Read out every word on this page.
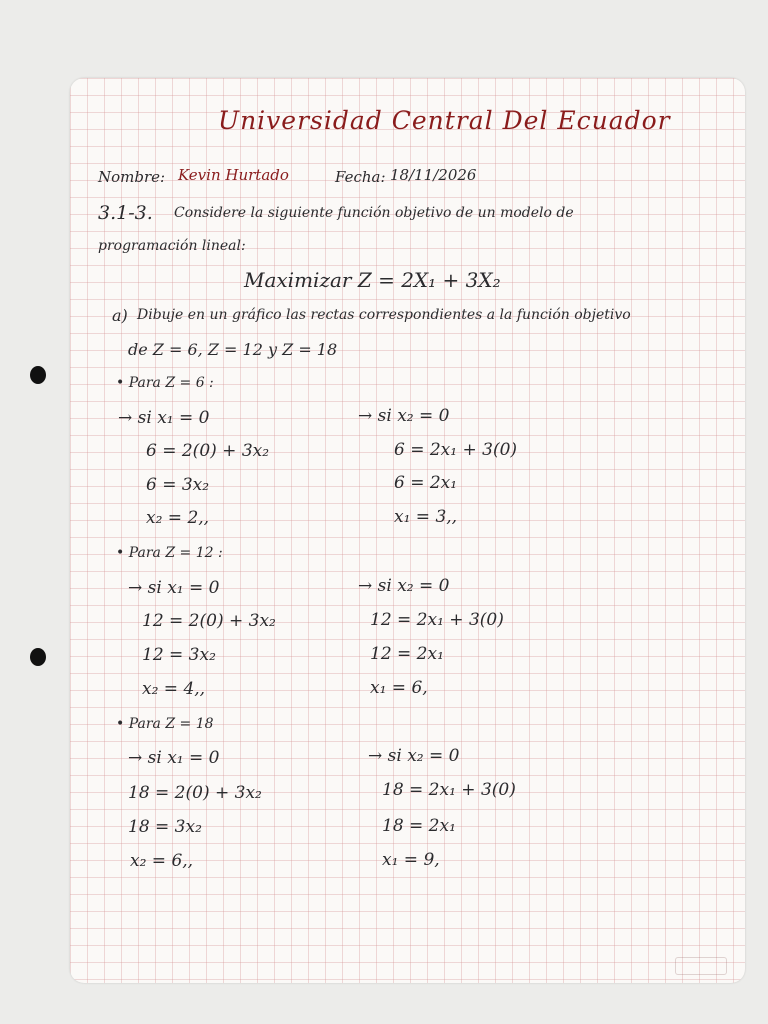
Universidad Central Del Ecuador
Nombre: Kevin Hurtado	Fecha: 18/11/2026
3.1-3. Considere la siguiente función objetivo de un modelo de
programación lineal:
Maximizar Z = 2X₁ + 3X₂
a) Dibuje en un gráfico las rectas correspondientes a la función objetivo
de Z = 6, Z = 12 y Z = 18
• Para Z = 6 :
→ si x₁ = 0
6 = 2(0) + 3x₂
6 = 3x₂
x₂ = 2,,
→ si x₂ = 0
6 = 2x₁ + 3(0)
6 = 2x₁
x₁ = 3,,
• Para Z = 12 :
→ si x₁ = 0
12 = 2(0) + 3x₂
12 = 3x₂
x₂ = 4,,
→ si x₂ = 0
12 = 2x₁ + 3(0)
12 = 2x₁
x₁ = 6,
• Para Z = 18
→ si x₁ = 0
18 = 2(0) + 3x₂
18 = 3x₂
x₂ = 6,,
→ si x₂ = 0
18 = 2x₁ + 3(0)
18 = 2x₁
x₁ = 9,
